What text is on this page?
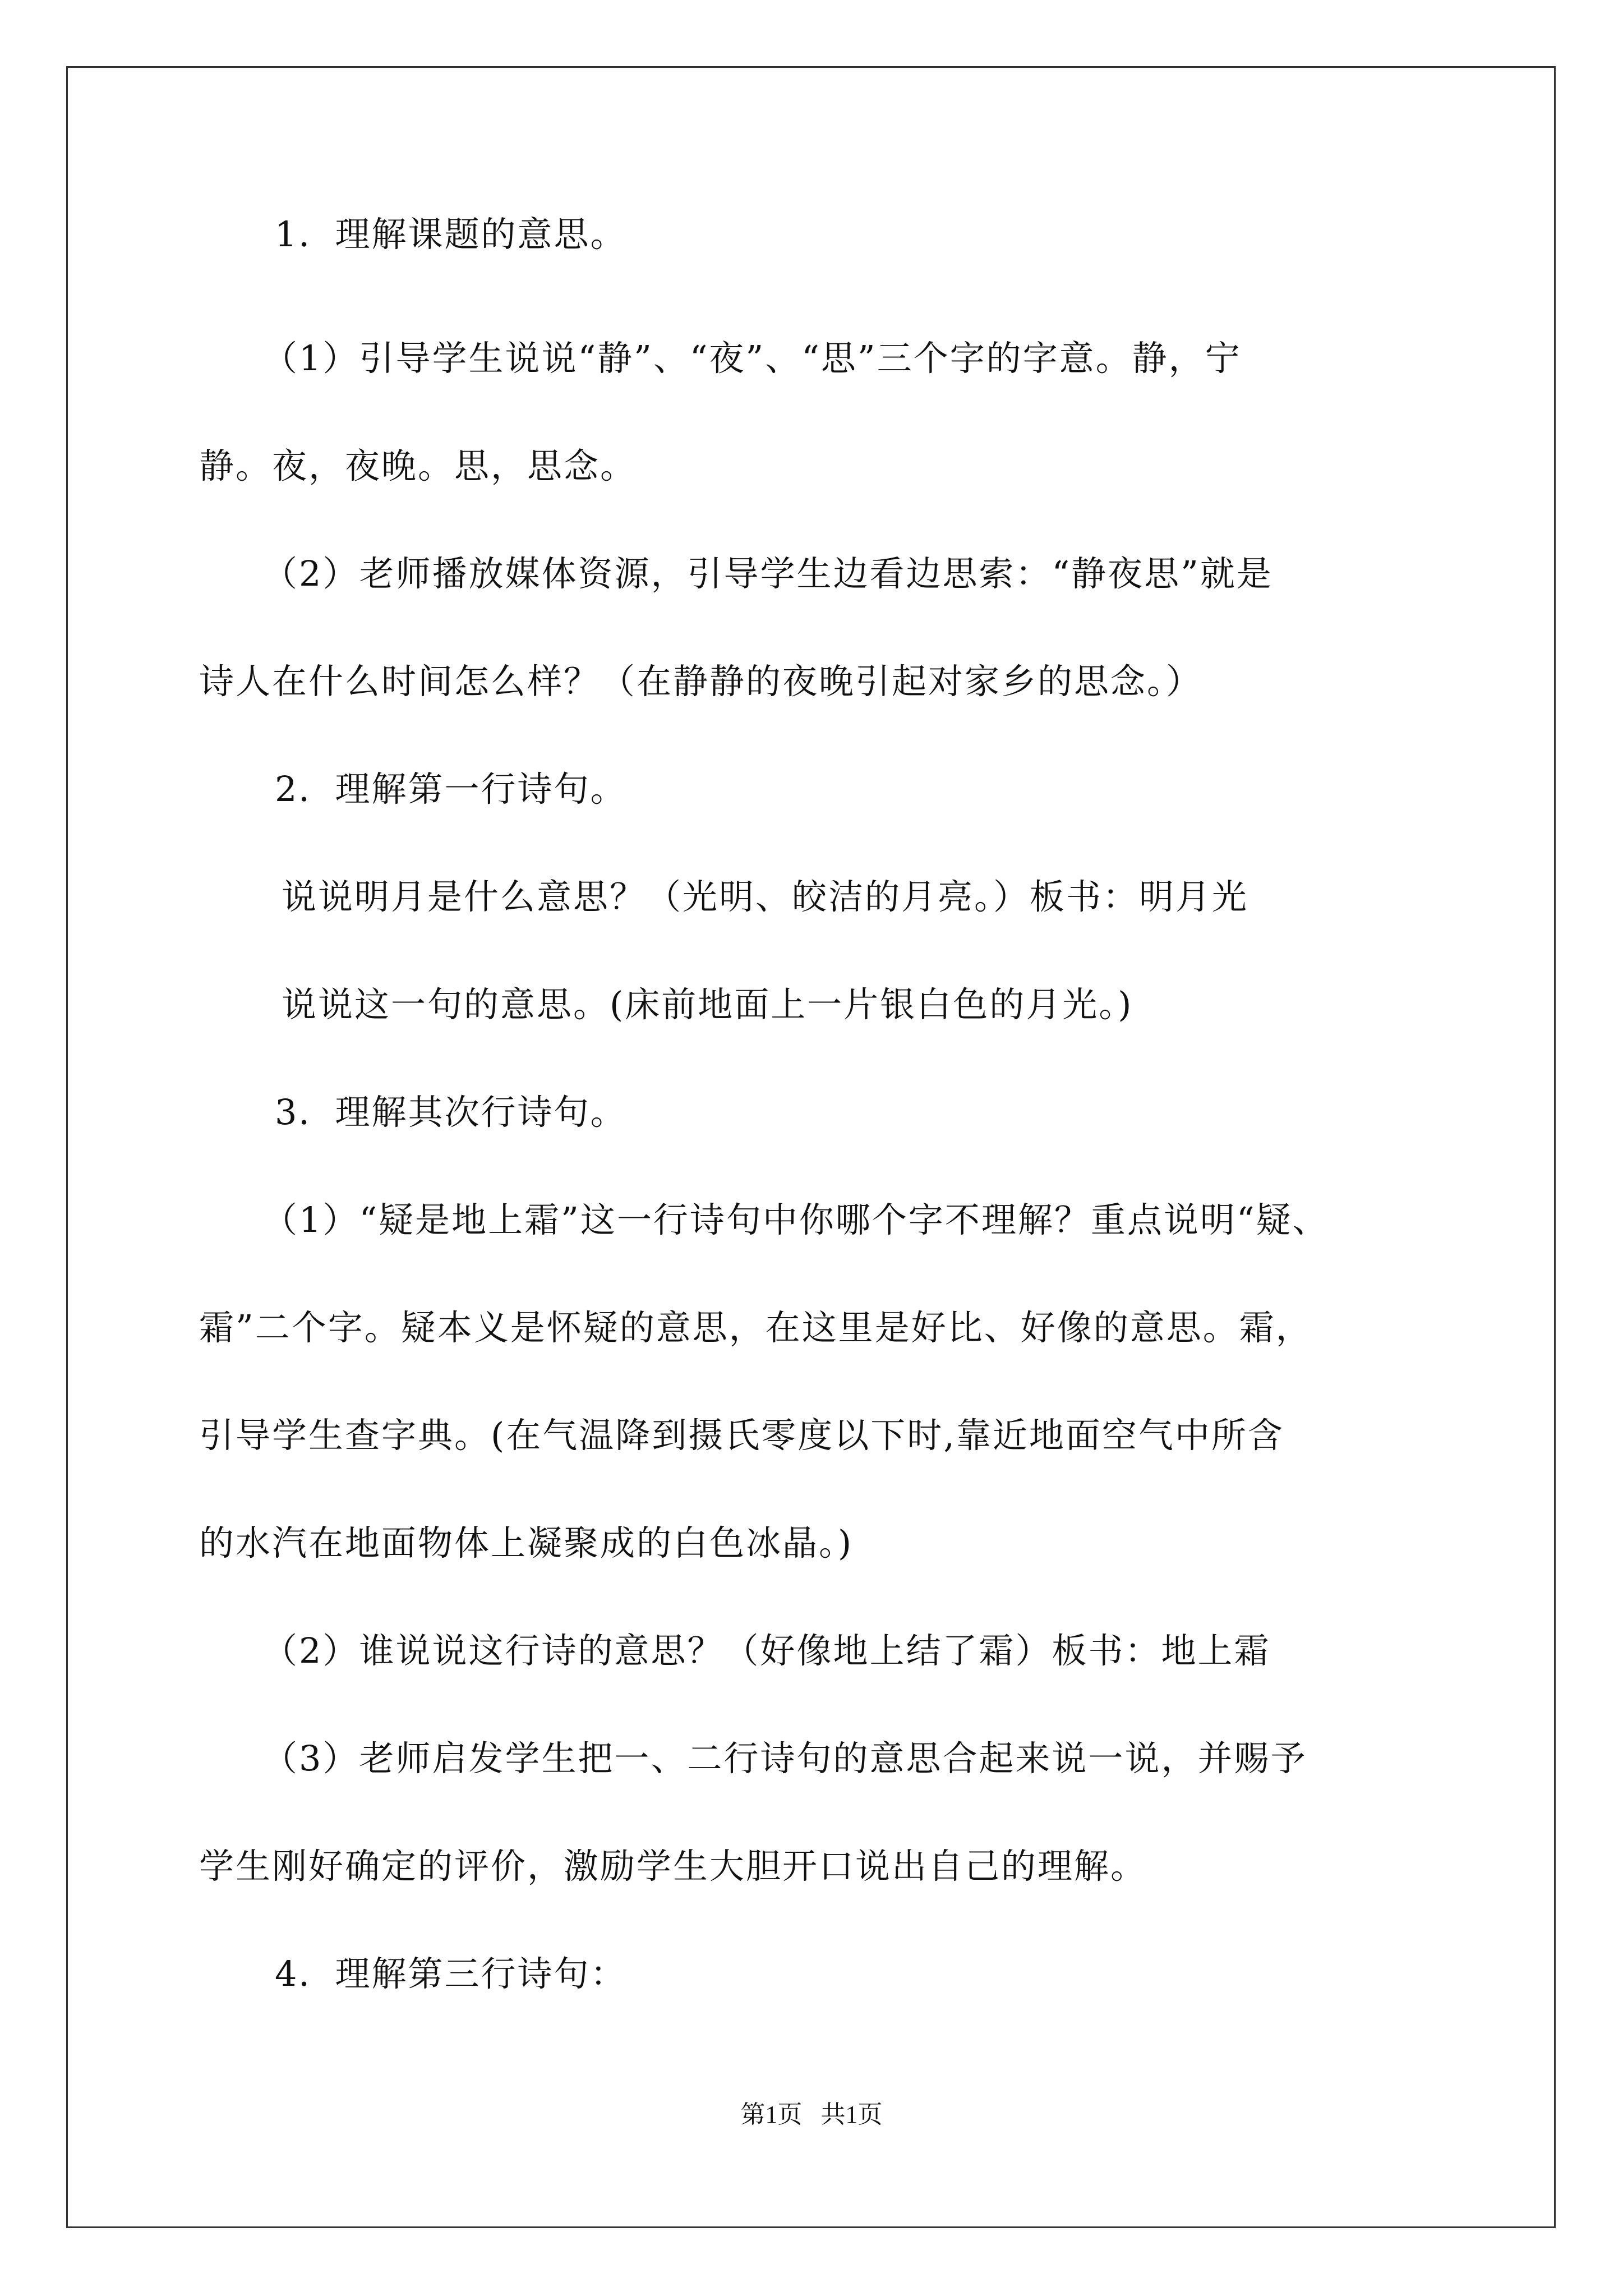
1．理解课题的意思。
（1）引导学生说说“静”、“夜”、“思”三个字的字意。静，宁
静。夜，夜晚。思，思念。
（2）老师播放媒体资源，引导学生边看边思索：“静夜思”就是
诗人在什么时间怎么样？（在静静的夜晚引起对家乡的思念。）
2．理解第一行诗句。
说说明月是什么意思？（光明、皎洁的月亮。）板书：明月光
说说这一句的意思。(床前地面上一片银白色的月光。)
3．理解其次行诗句。
（1）“疑是地上霜”这一行诗句中你哪个字不理解？重点说明“疑、
霜”二个字。疑本义是怀疑的意思，在这里是好比、好像的意思。霜，
引导学生查字典。(在气温降到摄氏零度以下时,靠近地面空气中所含
的水汽在地面物体上凝聚成的白色冰晶。)
（2）谁说说这行诗的意思？（好像地上结了霜）板书：地上霜
（3）老师启发学生把一、二行诗句的意思合起来说一说，并赐予
学生刚好确定的评价，激励学生大胆开口说出自己的理解。
4．理解第三行诗句：
第1页   共1页
